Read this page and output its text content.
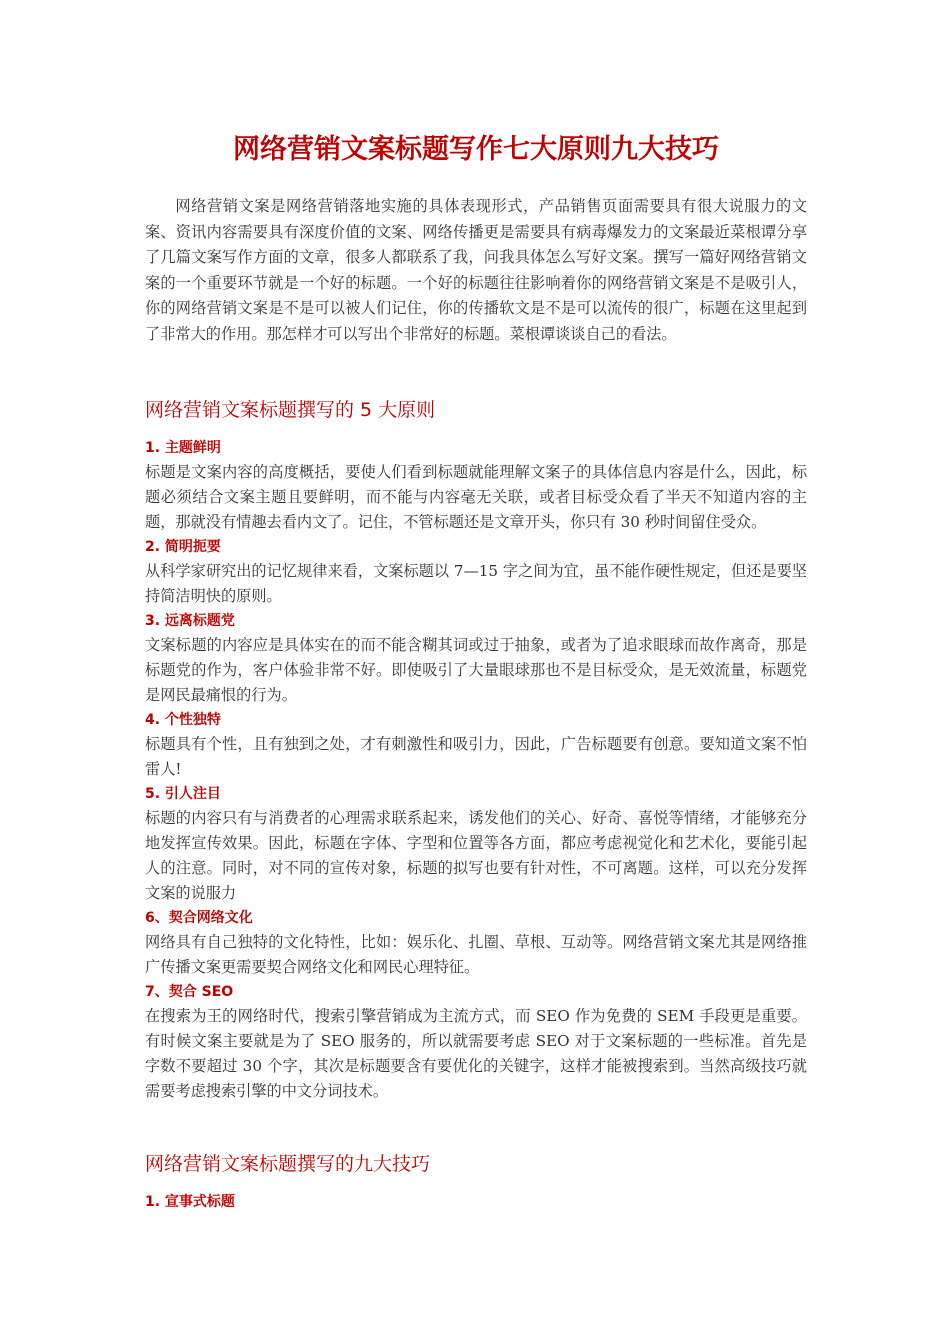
网络营销文案标题写作七大原则九大技巧

网络营销文案是网络营销落地实施的具体表现形式，产品销售页面需要具有很大说服力的文案、资讯内容需要具有深度价值的文案、网络传播更是需要具有病毒爆发力的文案最近菜根谭分享了几篇文案写作方面的文章，很多人都联系了我，问我具体怎么写好文案。撰写一篇好网络营销文案的一个重要环节就是一个好的标题。一个好的标题往往影响着你的网络营销文案是不是吸引人，你的网络营销文案是不是可以被人们记住，你的传播软文是不是可以流传的很广，标题在这里起到了非常大的作用。那怎样才可以写出个非常好的标题。菜根谭谈谈自己的看法。

网络营销文案标题撰写的 5 大原则

1. 主题鲜明

标题是文案内容的高度概括，要使人们看到标题就能理解文案子的具体信息内容是什么，因此，标题必须结合文案主题且要鲜明，而不能与内容毫无关联，或者目标受众看了半天不知道内容的主题，那就没有情趣去看内文了。记住，不管标题还是文章开头，你只有 30 秒时间留住受众。

2. 简明扼要

从科学家研究出的记忆规律来看，文案标题以 7—15 字之间为宜，虽不能作硬性规定，但还是要坚持简洁明快的原则。

3. 远离标题党

文案标题的内容应是具体实在的而不能含糊其词或过于抽象，或者为了追求眼球而故作离奇，那是标题党的作为，客户体验非常不好。即使吸引了大量眼球那也不是目标受众，是无效流量，标题党是网民最痛恨的行为。

4. 个性独特

标题具有个性，且有独到之处，才有刺激性和吸引力，因此，广告标题要有创意。要知道文案不怕雷人!

5. 引人注目

标题的内容只有与消费者的心理需求联系起来，诱发他们的关心、好奇、喜悦等情绪，才能够充分地发挥宣传效果。因此，标题在字体、字型和位置等各方面，都应考虑视觉化和艺术化，要能引起人的注意。同时，对不同的宣传对象，标题的拟写也要有针对性，不可离题。这样，可以充分发挥文案的说服力

6、契合网络文化

网络具有自己独特的文化特性，比如：娱乐化、扎圈、草根、互动等。网络营销文案尤其是网络推广传播文案更需要契合网络文化和网民心理特征。

7、契合 SEO

在搜索为王的网络时代，搜索引擎营销成为主流方式，而 SEO 作为免费的 SEM 手段更是重要。有时候文案主要就是为了 SEO 服务的，所以就需要考虑 SEO 对于文案标题的一些标准。首先是字数不要超过 30 个字，其次是标题要含有要优化的关键字，这样才能被搜索到。当然高级技巧就需要考虑搜索引擎的中文分词技术。

网络营销文案标题撰写的九大技巧

1. 宣事式标题
